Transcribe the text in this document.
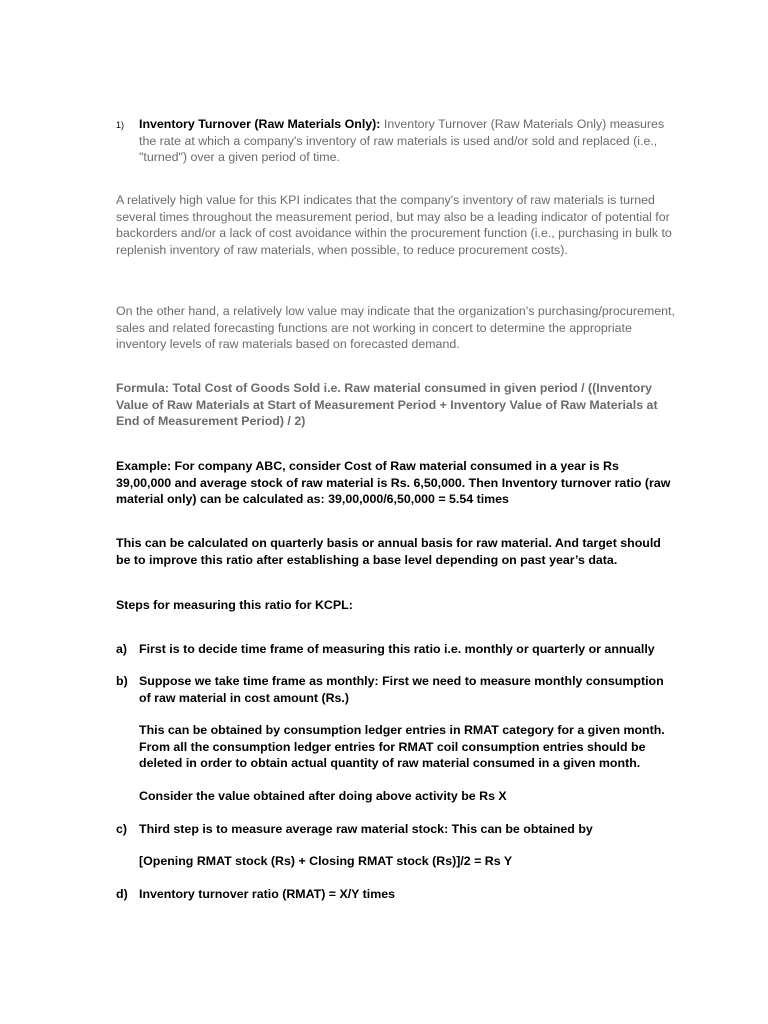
1)	Inventory Turnover (Raw Materials Only): Inventory Turnover (Raw Materials Only) measures the rate at which a company's inventory of raw materials is used and/or sold and replaced (i.e., "turned") over a given period of time.
A relatively high value for this KPI indicates that the company's inventory of raw materials is turned several times throughout the measurement period, but may also be a leading indicator of potential for backorders and/or a lack of cost avoidance within the procurement function (i.e., purchasing in bulk to replenish inventory of raw materials, when possible, to reduce procurement costs).
On the other hand, a relatively low value may indicate that the organization's purchasing/procurement, sales and related forecasting functions are not working in concert to determine the appropriate inventory levels of raw materials based on forecasted demand.
Formula: Total Cost of Goods Sold i.e. Raw material consumed in given period / ((Inventory Value of Raw Materials at Start of Measurement Period + Inventory Value of Raw Materials at End of Measurement Period) / 2)
Example: For company ABC, consider Cost of Raw material consumed in a year is Rs 39,00,000 and average stock of raw material is Rs. 6,50,000. Then Inventory turnover ratio (raw material only) can be calculated as: 39,00,000/6,50,000 = 5.54 times
This can be calculated on quarterly basis or annual basis for raw material. And target should be to improve this ratio after establishing a base level depending on past year’s data.
Steps for measuring this ratio for KCPL:
a) First is to decide time frame of measuring this ratio i.e. monthly or quarterly or annually
b) Suppose we take time frame as monthly: First we need to measure monthly consumption of raw material in cost amount (Rs.)
This can be obtained by consumption ledger entries in RMAT category for a given month. From all the consumption ledger entries for RMAT coil consumption entries should be deleted in order to obtain actual quantity of raw material consumed in a given month.
Consider the value obtained after doing above activity be Rs X
c) Third step is to measure average raw material stock: This can be obtained by
[Opening RMAT stock (Rs) + Closing RMAT stock (Rs)]/2 = Rs Y
d) Inventory turnover ratio (RMAT) = X/Y times
